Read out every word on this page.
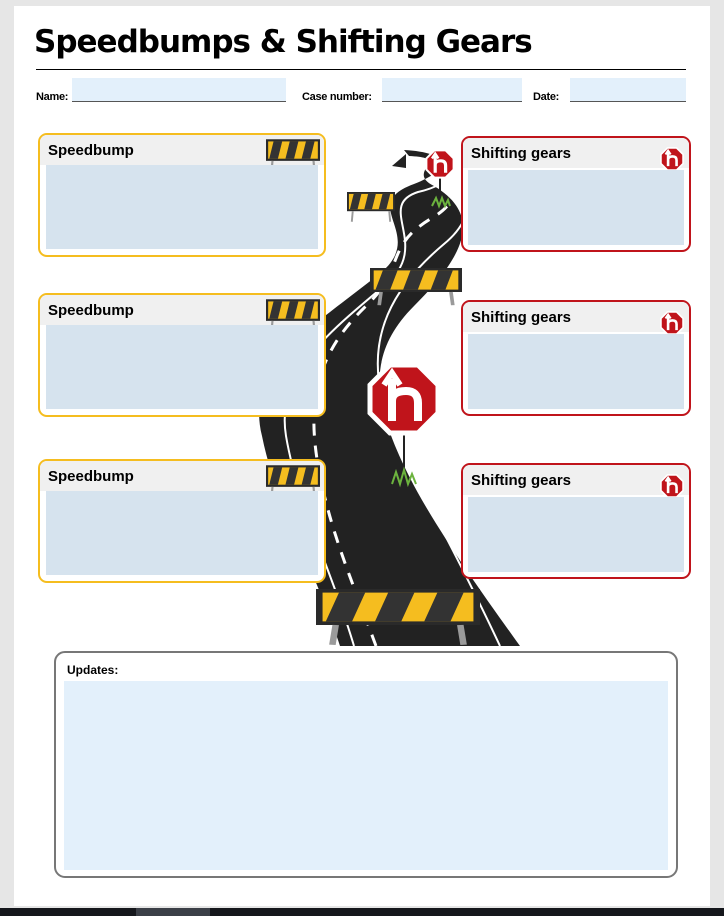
Speedbumps & Shifting Gears
Name:	Case number:	Date:
Speedbump
Speedbump
Speedbump
Shifting gears
Shifting gears
Shifting gears
Updates:
